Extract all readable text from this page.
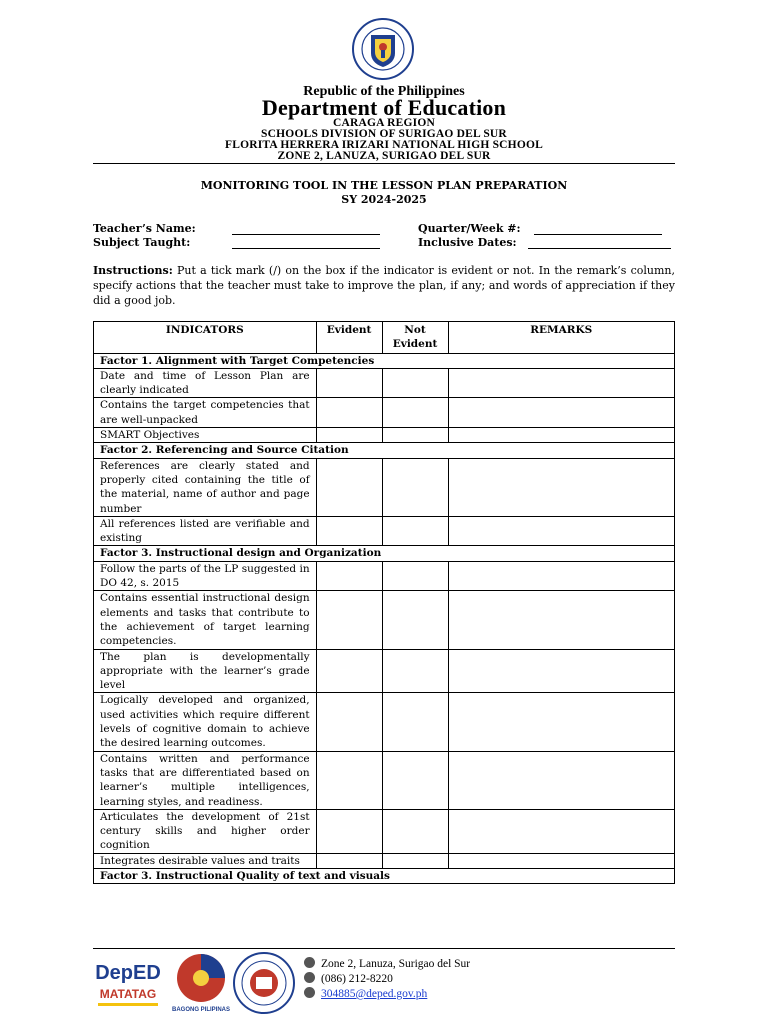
Republic of the Philippines
Department of Education
CARAGA REGION
SCHOOLS DIVISION OF SURIGAO DEL SUR
FLORITA HERRERA IRIZARI NATIONAL HIGH SCHOOL
ZONE 2, LANUZA, SURIGAO DEL SUR
MONITORING TOOL IN THE LESSON PLAN PREPARATION
SY 2024-2025
Teacher’s Name:
Subject Taught:
Quarter/Week #:
Inclusive Dates:
Instructions: Put a tick mark (/) on the box if the indicator is evident or not. In the remark’s column, specify actions that the teacher must take to improve the plan, if any; and words of appreciation if they did a good job.
INDICATORS	Evident	Not Evident	REMARKS
Factor 1. Alignment with Target Competencies			
Date and time of Lesson Plan are clearly indicated			
Contains the target competencies that are well-unpacked			
SMART Objectives			
Factor 2. Referencing and Source Citation			
References are clearly stated and properly cited containing the title of the material, name of author and page number			
All references listed are verifiable and existing			
Factor 3. Instructional design and Organization			
Follow the parts of the LP suggested in DO 42, s. 2015			
Contains essential instructional design elements and tasks that contribute to the achievement of target learning competencies.			
The plan is developmentally appropriate with the learner’s grade level			
Logically developed and organized, used activities which require different levels of cognitive domain to achieve the desired learning outcomes.			
Contains written and performance tasks that are differentiated based on learner’s multiple intelligences, learning styles, and readiness.			
Articulates the development of 21st century skills and higher order cognition			
Integrates desirable values and traits			
Factor 3. Instructional Quality of text and visuals			
DepED
MATATAG
BAGONG PILIPINAS
Zone 2, Lanuza, Surigao del Sur
(086) 212-8220
304885@deped.gov.ph
